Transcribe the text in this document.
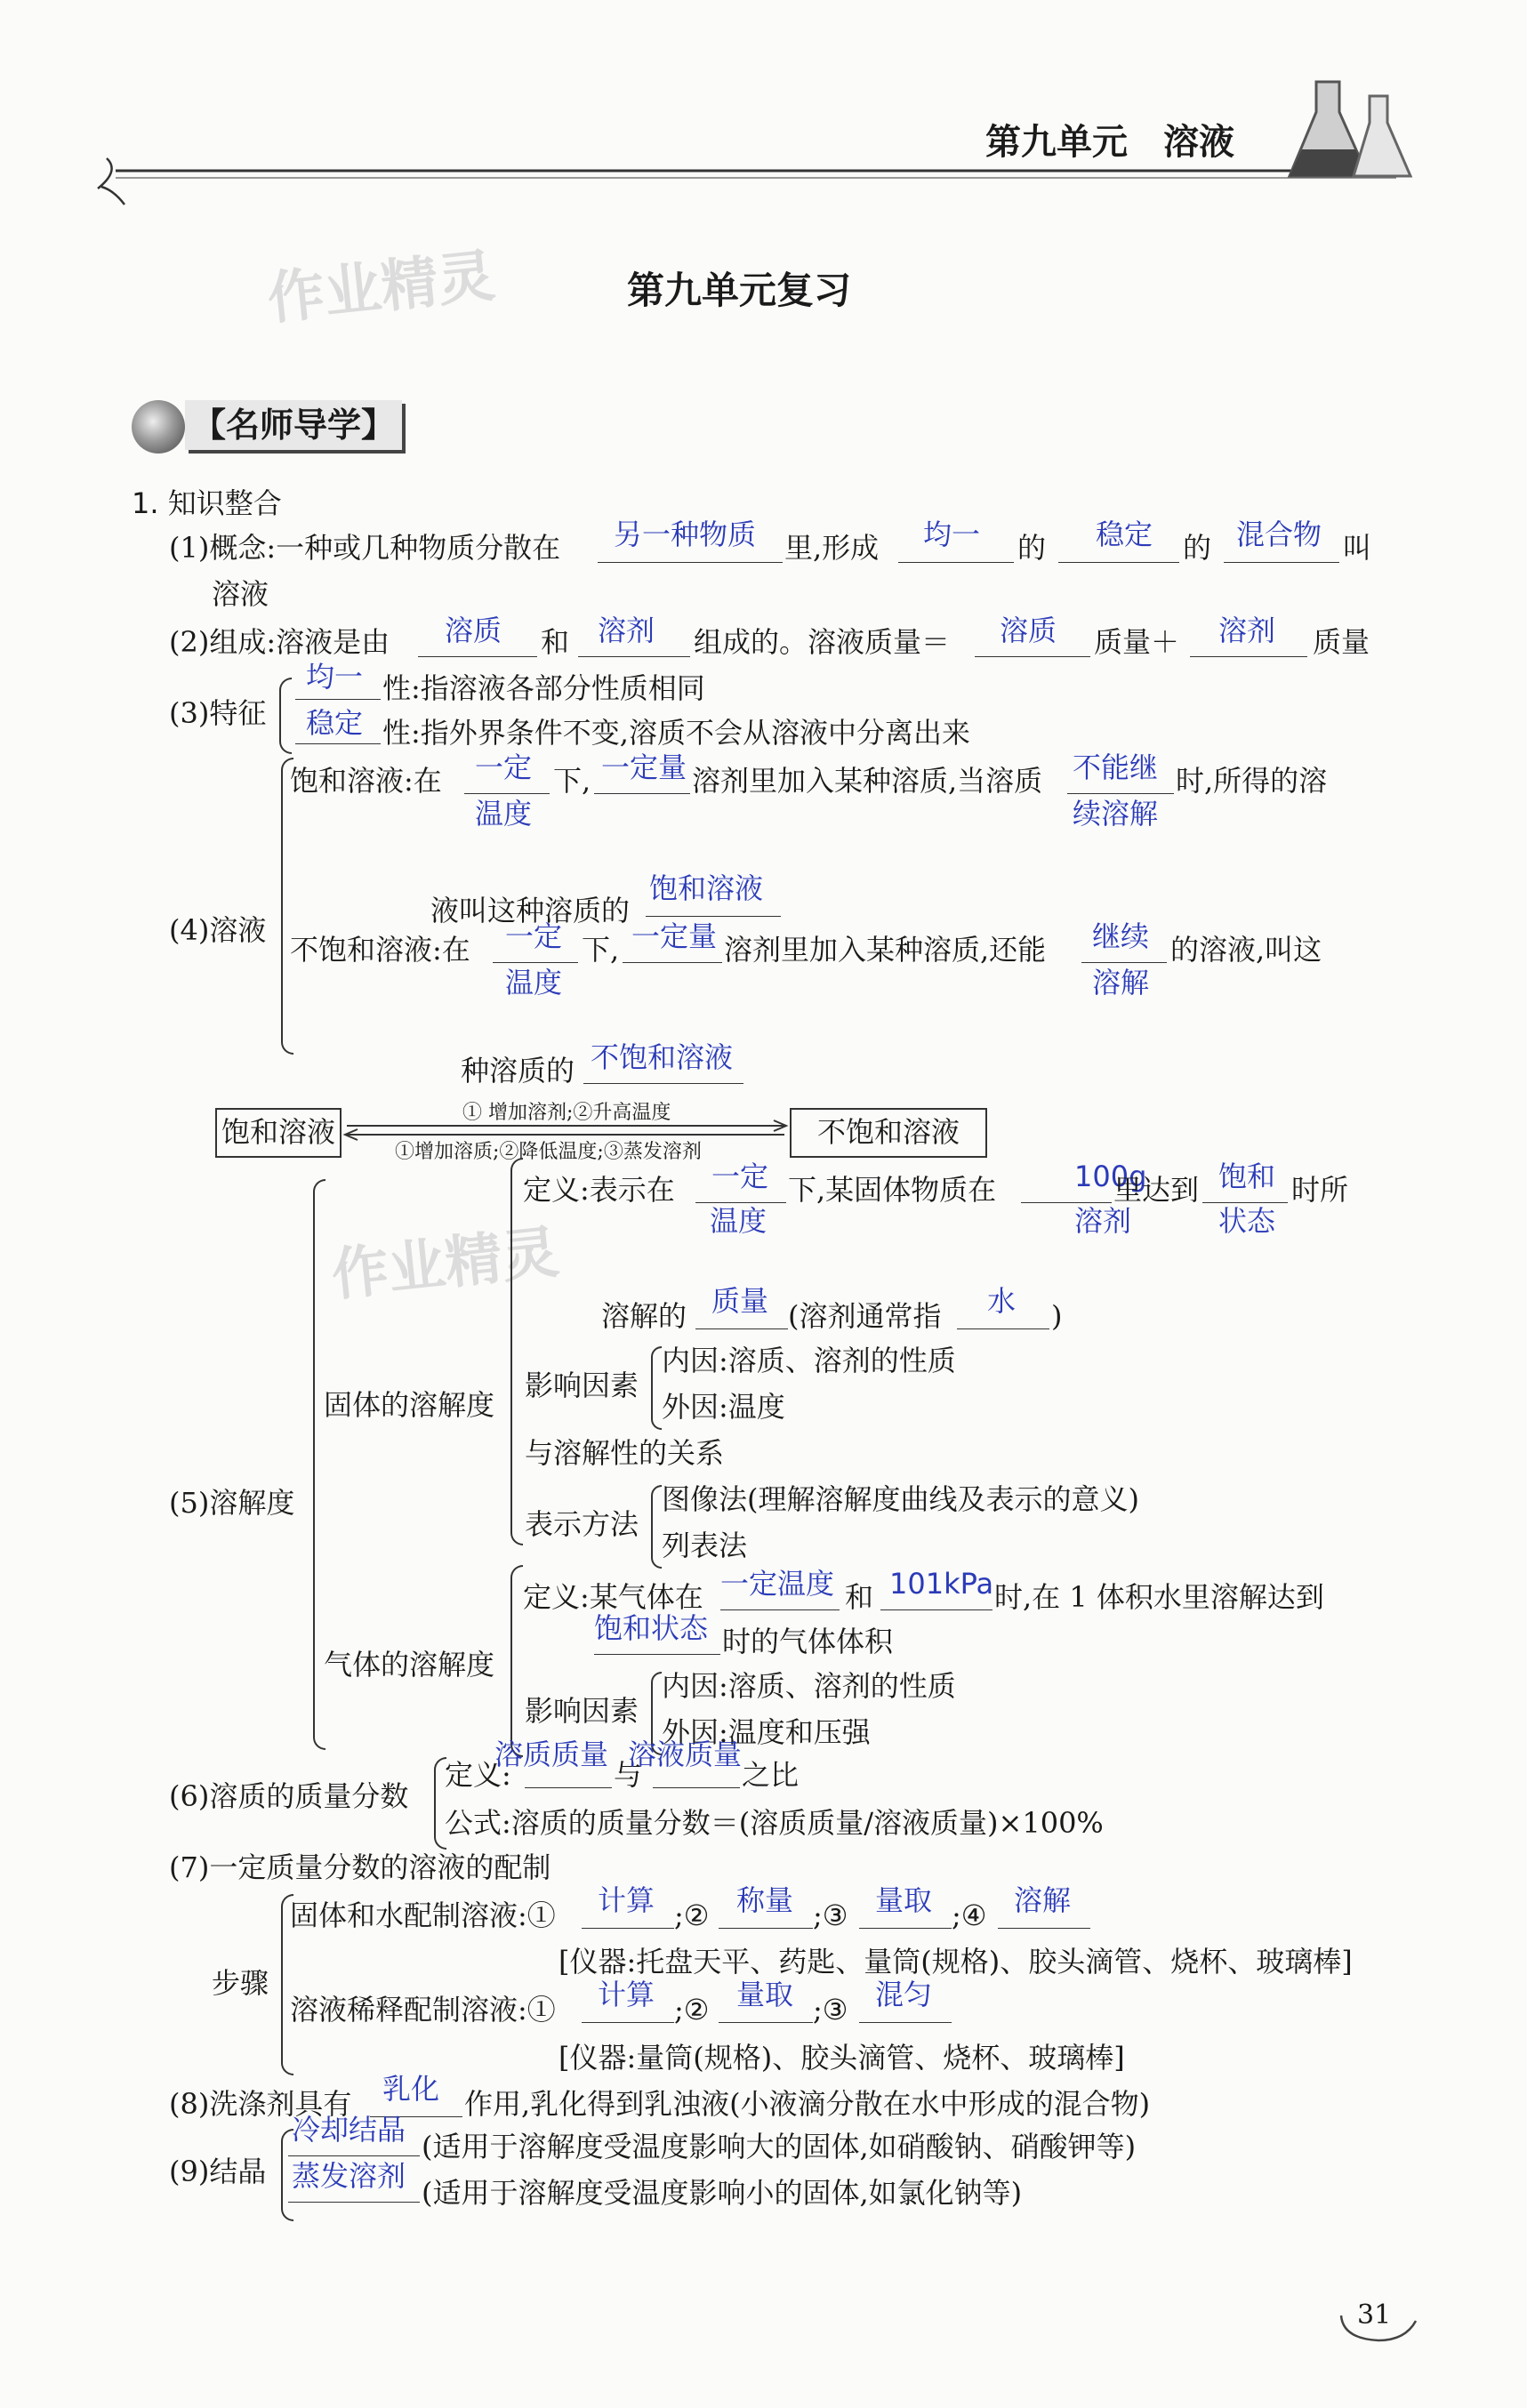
第九单元　溶液
作业精灵
作业精灵
第九单元复习
【名师导学】
1. 知识整合
(1)概念:一种或几种物质分散在 另一种物质 里,形成 均一 的 稳定 的 混合物 叫
溶液
(2)组成:溶液是由 溶质 和 溶剂 组成的。溶液质量＝ 溶质 质量＋ 溶剂 质量
(3)特征
均一 性:指溶液各部分性质相同
稳定 性:指外界条件不变,溶质不会从溶液中分离出来
(4)溶液
饱和溶液:在 一定
温度
下, 一定量 溶剂里加入某种溶质,当溶质 不能继
续溶解
时,所得的溶
液叫这种溶质的
饱和溶液
不饱和溶液:在 一定
温度
下, 一定量 溶剂里加入某种溶质,还能 继续
溶解
的溶液,叫这
种溶质的 不饱和溶液
饱和溶液	不饱和溶液
① 增加溶剂;②升高温度
①增加溶质;②降低温度;③蒸发溶剂
(5)溶解度
固体的溶解度
定义:表示在 一定
温度
下,某固体物质在	100g
溶剂
里达到 饱和
状态
时所
溶解的 质量 (溶剂通常指 水 )
影响因素
内因:溶质、溶剂的性质
外因:温度
与溶解性的关系
表示方法
图像法(理解溶解度曲线及表示的意义)
列表法
气体的溶解度
定义:某气体在 一定温度 和 101kPa 时,在 1 体积水里溶解达到
饱和状态 时的气体体积
影响因素
内因:溶质、溶剂的性质
外因:温度和压强
(6)溶质的质量分数
定义:
溶质质量
与
溶液质量
之比
公式:溶质的质量分数＝(溶质质量/溶液质量)×100%
(7)一定质量分数的溶液的配制
步骤
固体和水配制溶液:① 计算 ;② 称量 ;③ 量取 ;④ 溶解
[仪器:托盘天平、药匙、量筒(规格)、胶头滴管、烧杯、玻璃棒]
溶液稀释配制溶液:① 计算 ;② 量取 ;③ 混匀
[仪器:量筒(规格)、胶头滴管、烧杯、玻璃棒]
(8)洗涤剂具有 乳化 作用,乳化得到乳浊液(小液滴分散在水中形成的混合物)
(9)结晶
冷却结晶 (适用于溶解度受温度影响大的固体,如硝酸钠、硝酸钾等)
蒸发溶剂 (适用于溶解度受温度影响小的固体,如氯化钠等)
31
